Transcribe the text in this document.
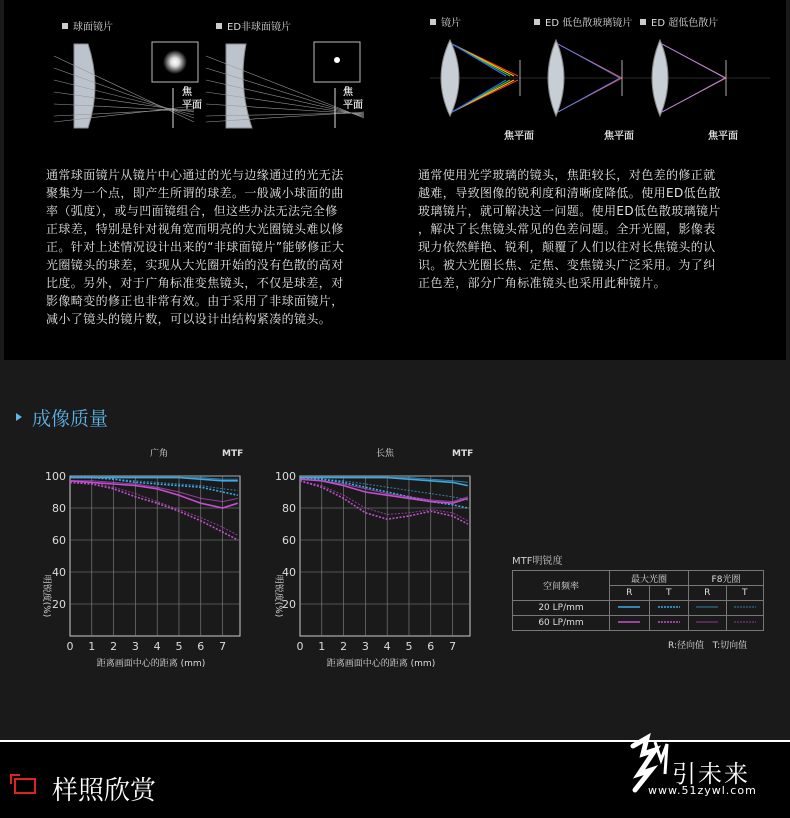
球面镜片	ED非球面镜片
焦
平面
焦
平面
镜片	ED 低色散玻璃镜片	ED 超低色散片
焦平面	焦平面	焦平面
通常球面镜片从镜片中心通过的光与边缘通过的光无法
聚集为一个点，即产生所谓的球差。一般减小球面的曲
率（弧度），或与凹面镜组合，但这些办法无法完全修
正球差，特别是针对视角宽而明亮的大光圈镜头难以修
正。针对上述情况设计出来的“非球面镜片”能够修正大
光圈镜头的球差，实现从大光圈开始的没有色散的高对
比度。另外，对于广角标准变焦镜头，不仅是球差，对
影像畸变的修正也非常有效。由于采用了非球面镜片，
减小了镜头的镜片数，可以设计出结构紧凑的镜头。
通常使用光学玻璃的镜头，焦距较长，对色差的修正就
越难，导致图像的锐利度和清晰度降低。使用ED低色散
玻璃镜片，就可解决这一问题。使用ED低色散玻璃镜片
，解决了长焦镜头常见的色差问题。全开光圈，影像表
现力依然鲜艳、锐利，颠覆了人们以往对长焦镜头的认
识。被大光圈长焦、定焦、变焦镜头广泛采用。为了纠
正色差，部分广角标准镜头也采用此种镜片。
成像质量
广角	MTF
0 1 2 3 4 5 6 7
20
40
60
80
100
距离画面中心的距离 (mm)
明锐度(%)
长焦	MTF
0 1 2 3 4 5 6 7
20
40
60
80
100
距离画面中心的距离 (mm)
明锐度(%)
MTF明锐度
空间频率	最大光圈		F8光圈	
	R	T	R	T
20 LP/mm				
60 LP/mm				
R:径向值 T:切向值
样照欣赏
引未来
www.51zywl.com
